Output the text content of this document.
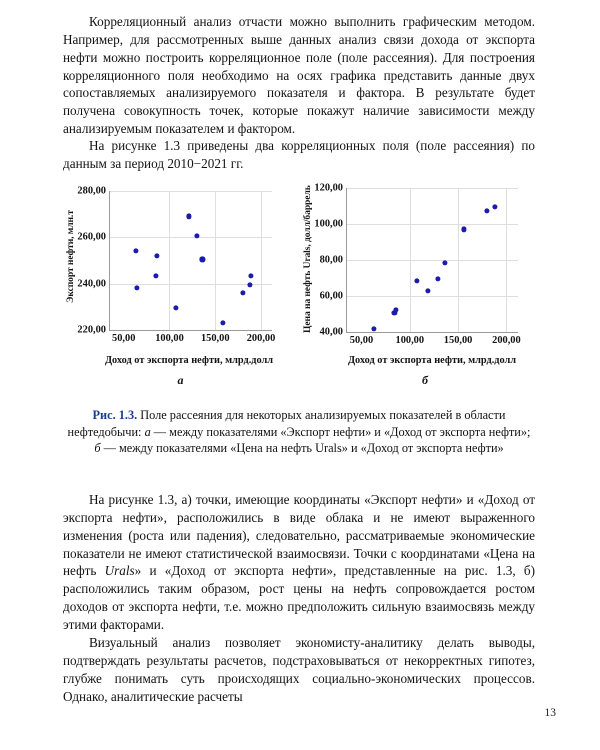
Корреляционный анализ отчасти можно выполнить графическим методом. Например, для рассмотренных выше данных анализ связи дохода от экспорта нефти можно построить корреляционное поле (поле рассеяния). Для построения корреляционного поля необходимо на осях графика представить данные двух сопоставляемых анализируемого показателя и фактора. В результате будет получена совокупность точек, которые покажут наличие зависимости между анализируемым показателем и фактором.

На рисунке 1.3 приведены два корреляционных поля (поле рассеяния) по данным за период 2010−2021 гг.

Экспорт нефти, млн.т
220,00
240,00
260,00
280,00
50,00 100,00 150,00 200,00
Доход от экспорта нефти, млрд.долл
а
Цена на нефть Urals, долл/баррель 40,00
60,00
80,00
100,00
120,00
50,00 100,00 150,00 200,00
Доход от экспорта нефти, млрд.долл
б
Рис. 1.3. Поле рассеяния для некоторых анализируемых показателей в области нефтедобычи: а — между показателями «Экспорт нефти» и «Доход от экспорта нефти»; б — между показателями «Цена на нефть Urals» и «Доход от экспорта нефти»

На рисунке 1.3, а) точки, имеющие координаты «Экспорт нефти» и «Доход от экспорта нефти», расположились в виде облака и не имеют выраженного изменения (роста или падения), следовательно, рассматриваемые экономические показатели не имеют статистической взаимосвязи. Точки с координатами «Цена на нефть Urals» и «Доход от экспорта нефти», представленные на рис. 1.3, б) расположились таким образом, рост цены на нефть сопровождается ростом доходов от экспорта нефти, т.е. можно предположить сильную взаимосвязь между этими факторами.

Визуальный анализ позволяет экономисту-аналитику делать выводы, подтверждать результаты расчетов, подстраховываться от некорректных гипотез, глубже понимать суть происходящих социально-экономических процессов. Однако, аналитические расчеты

13
